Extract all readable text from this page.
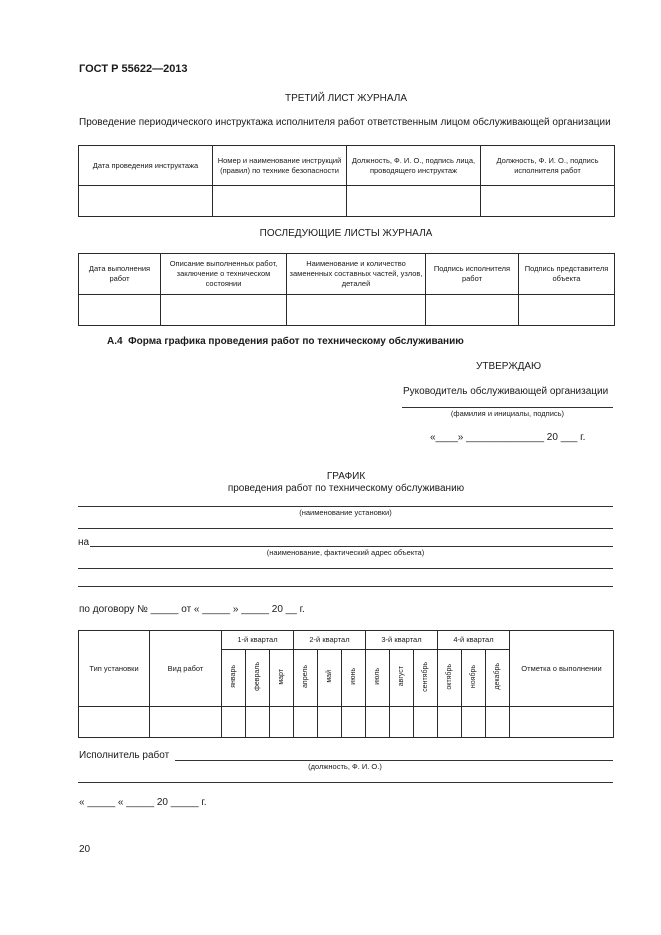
ГОСТ Р 55622—2013
ТРЕТИЙ ЛИСТ ЖУРНАЛА
Проведение периодического инструктажа исполнителя работ ответственным лицом обслуживающей организации
Дата проведения инструктажа	Номер и наименование инструкций (правил) по технике безопасности	Должность, Ф. И. О., подпись лица, проводящего инструктаж	Должность, Ф. И. О., подпись исполнителя работ

ПОСЛЕДУЮЩИЕ ЛИСТЫ ЖУРНАЛА
Дата выполнения работ	Описание выполненных работ, заключение о техническом состоянии	Наименование и количество замененных составных частей, узлов, деталей	Подпись исполнителя работ	Подпись представителя объекта

А.4 Форма графика проведения работ по техническому обслуживанию
УТВЕРЖДАЮ
Руководитель обслуживающей организации
(фамилия и инициалы, подпись)
«____» ______________ 20 ___ г.
ГРАФИК
проведения работ по техническому обслуживанию
(наименование установки)
на
(наименование, фактический адрес объекта)
по договору № _____ от « _____ » _____ 20 __ г.
Тип установки	Вид работ	1-й квартал			2-й квартал			3-й квартал			4-й квартал			Отметка о выполнении
		январь	февраль	март	апрель	май	июнь	июль	август	сентябрь	октябрь	ноябрь	декабрь	

Исполнитель работ
(должность, Ф. И. О.)
« _____ « _____ 20 _____ г.
20
